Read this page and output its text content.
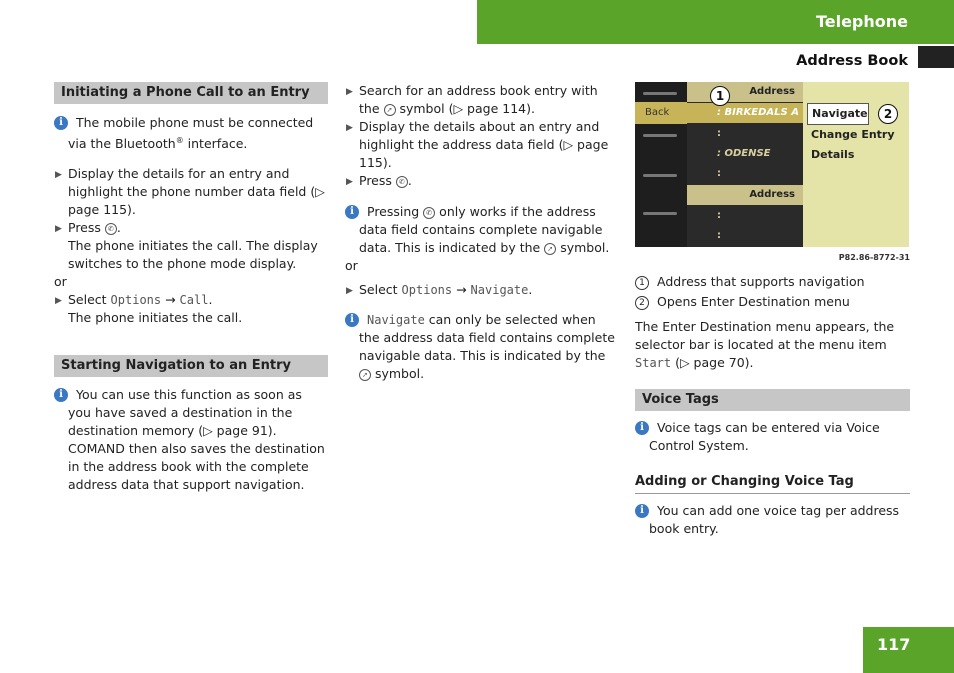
Telephone
Address Book
Initiating a Phone Call to an Entry
i	The mobile phone must be connected via the Bluetooth® interface.
▶ Display the details for an entry and highlight the phone number data field (▷ page 115).
▶ Press ✆ .
The phone initiates the call. The display switches to the phone mode display.
or
▶ Select Options → Call.
The phone initiates the call.
Starting Navigation to an Entry
i	You can use this function as soon as you have saved a destination in the destination memory (▷ page 91). COMAND then also saves the destination in the address book with the complete address data that support navigation.
▶ Search for an address book entry with the ➚ symbol (▷ page 114).
▶ Display the details about an entry and highlight the address data field (▷ page 115).
▶ Press ✆ .
i	Pressing ✆ only works if the address data field contains complete navigable data. This is indicated by the ➚ symbol.
or
▶ Select Options → Navigate.
i	Navigate can only be selected when the address data field contains complete navigable data. This is indicated by the ➚ symbol.
Back
Address
: BIRKEDALS A
:
: ODENSE
:
Address
:
:
Navigate
Change Entry
Details
1
2
P82.86-8772-31
1 Address that supports navigation
2 Opens Enter Destination menu
The Enter Destination menu appears, the selector bar is located at the menu item Start (▷ page 70).
Voice Tags
i	Voice tags can be entered via Voice Control System.
Adding or Changing Voice Tag
i	You can add one voice tag per address book entry.
117
